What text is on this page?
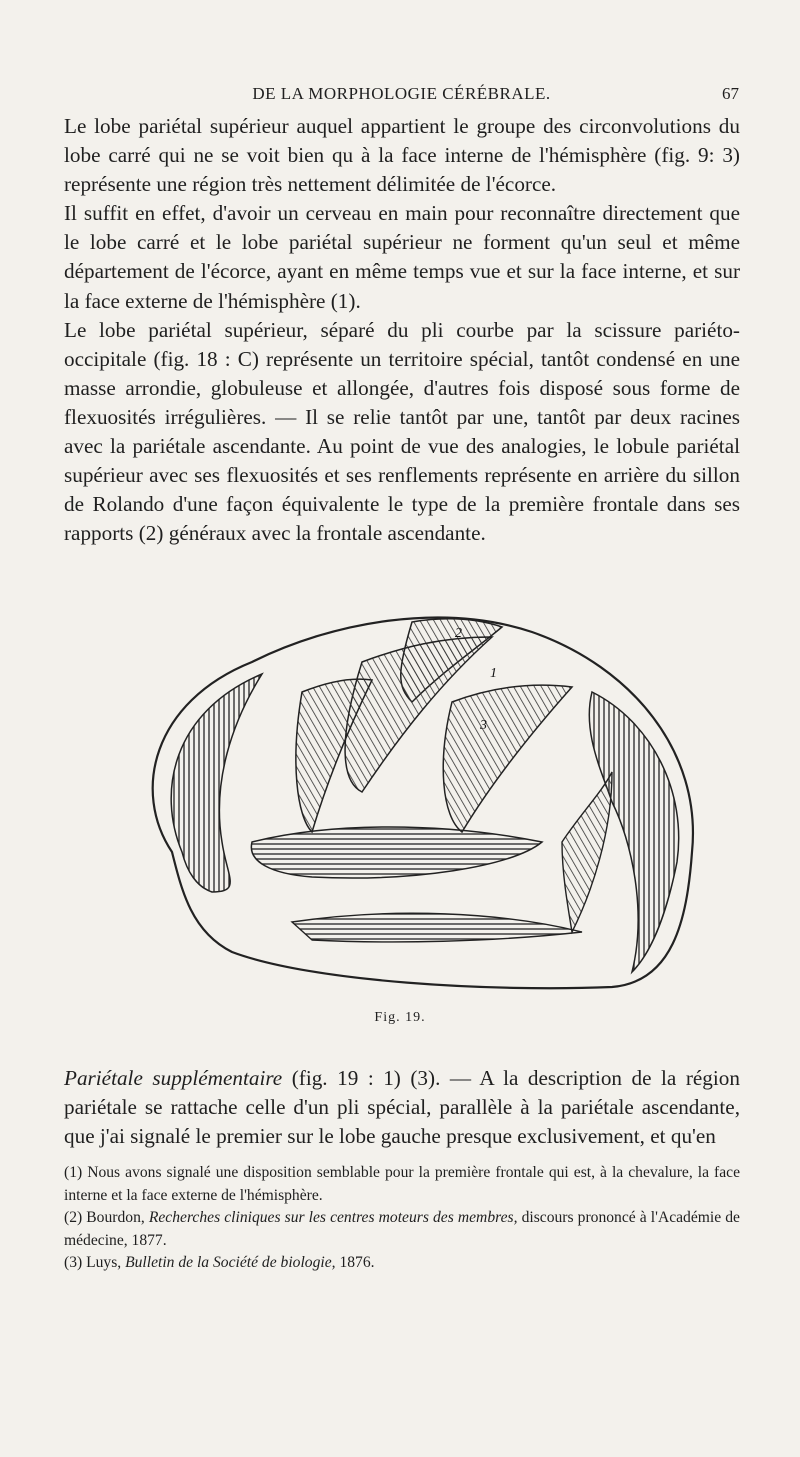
DE LA MORPHOLOGIE CÉRÉBRALE.	67

Le lobe pariétal supérieur auquel appartient le groupe des circonvolutions du lobe carré qui ne se voit bien qu à la face interne de l'hémisphère (fig. 9: 3) représente une région très nettement délimitée de l'écorce.

Il suffit en effet, d'avoir un cerveau en main pour reconnaître directement que le lobe carré et le lobe pariétal supérieur ne forment qu'un seul et même département de l'écorce, ayant en même temps vue et sur la face interne, et sur la face externe de l'hémisphère (1).

Le lobe pariétal supérieur, séparé du pli courbe par la scissure pariéto-occipitale (fig. 18 : C) représente un territoire spécial, tantôt condensé en une masse arrondie, globuleuse et allongée, d'autres fois disposé sous forme de flexuosités irrégulières. — Il se relie tantôt par une, tantôt par deux racines avec la pariétale ascendante. Au point de vue des analogies, le lobule pariétal supérieur avec ses flexuosités et ses renflements représente en arrière du sillon de Rolando d'une façon équivalente le type de la première frontale dans ses rapports (2) généraux avec la frontale ascendante.

2
1
3
Fig. 19.
Pariétale supplémentaire (fig. 19 : 1) (3). — A la description de la région pariétale se rattache celle d'un pli spécial, parallèle à la pariétale ascendante, que j'ai signalé le premier sur le lobe gauche presque exclusivement, et qu'en

(1) Nous avons signalé une disposition semblable pour la première frontale qui est, à la chevalure, la face interne et la face externe de l'hémisphère.

(2) Bourdon, Recherches cliniques sur les centres moteurs des membres, discours prononcé à l'Académie de médecine, 1877.

(3) Luys, Bulletin de la Société de biologie, 1876.
